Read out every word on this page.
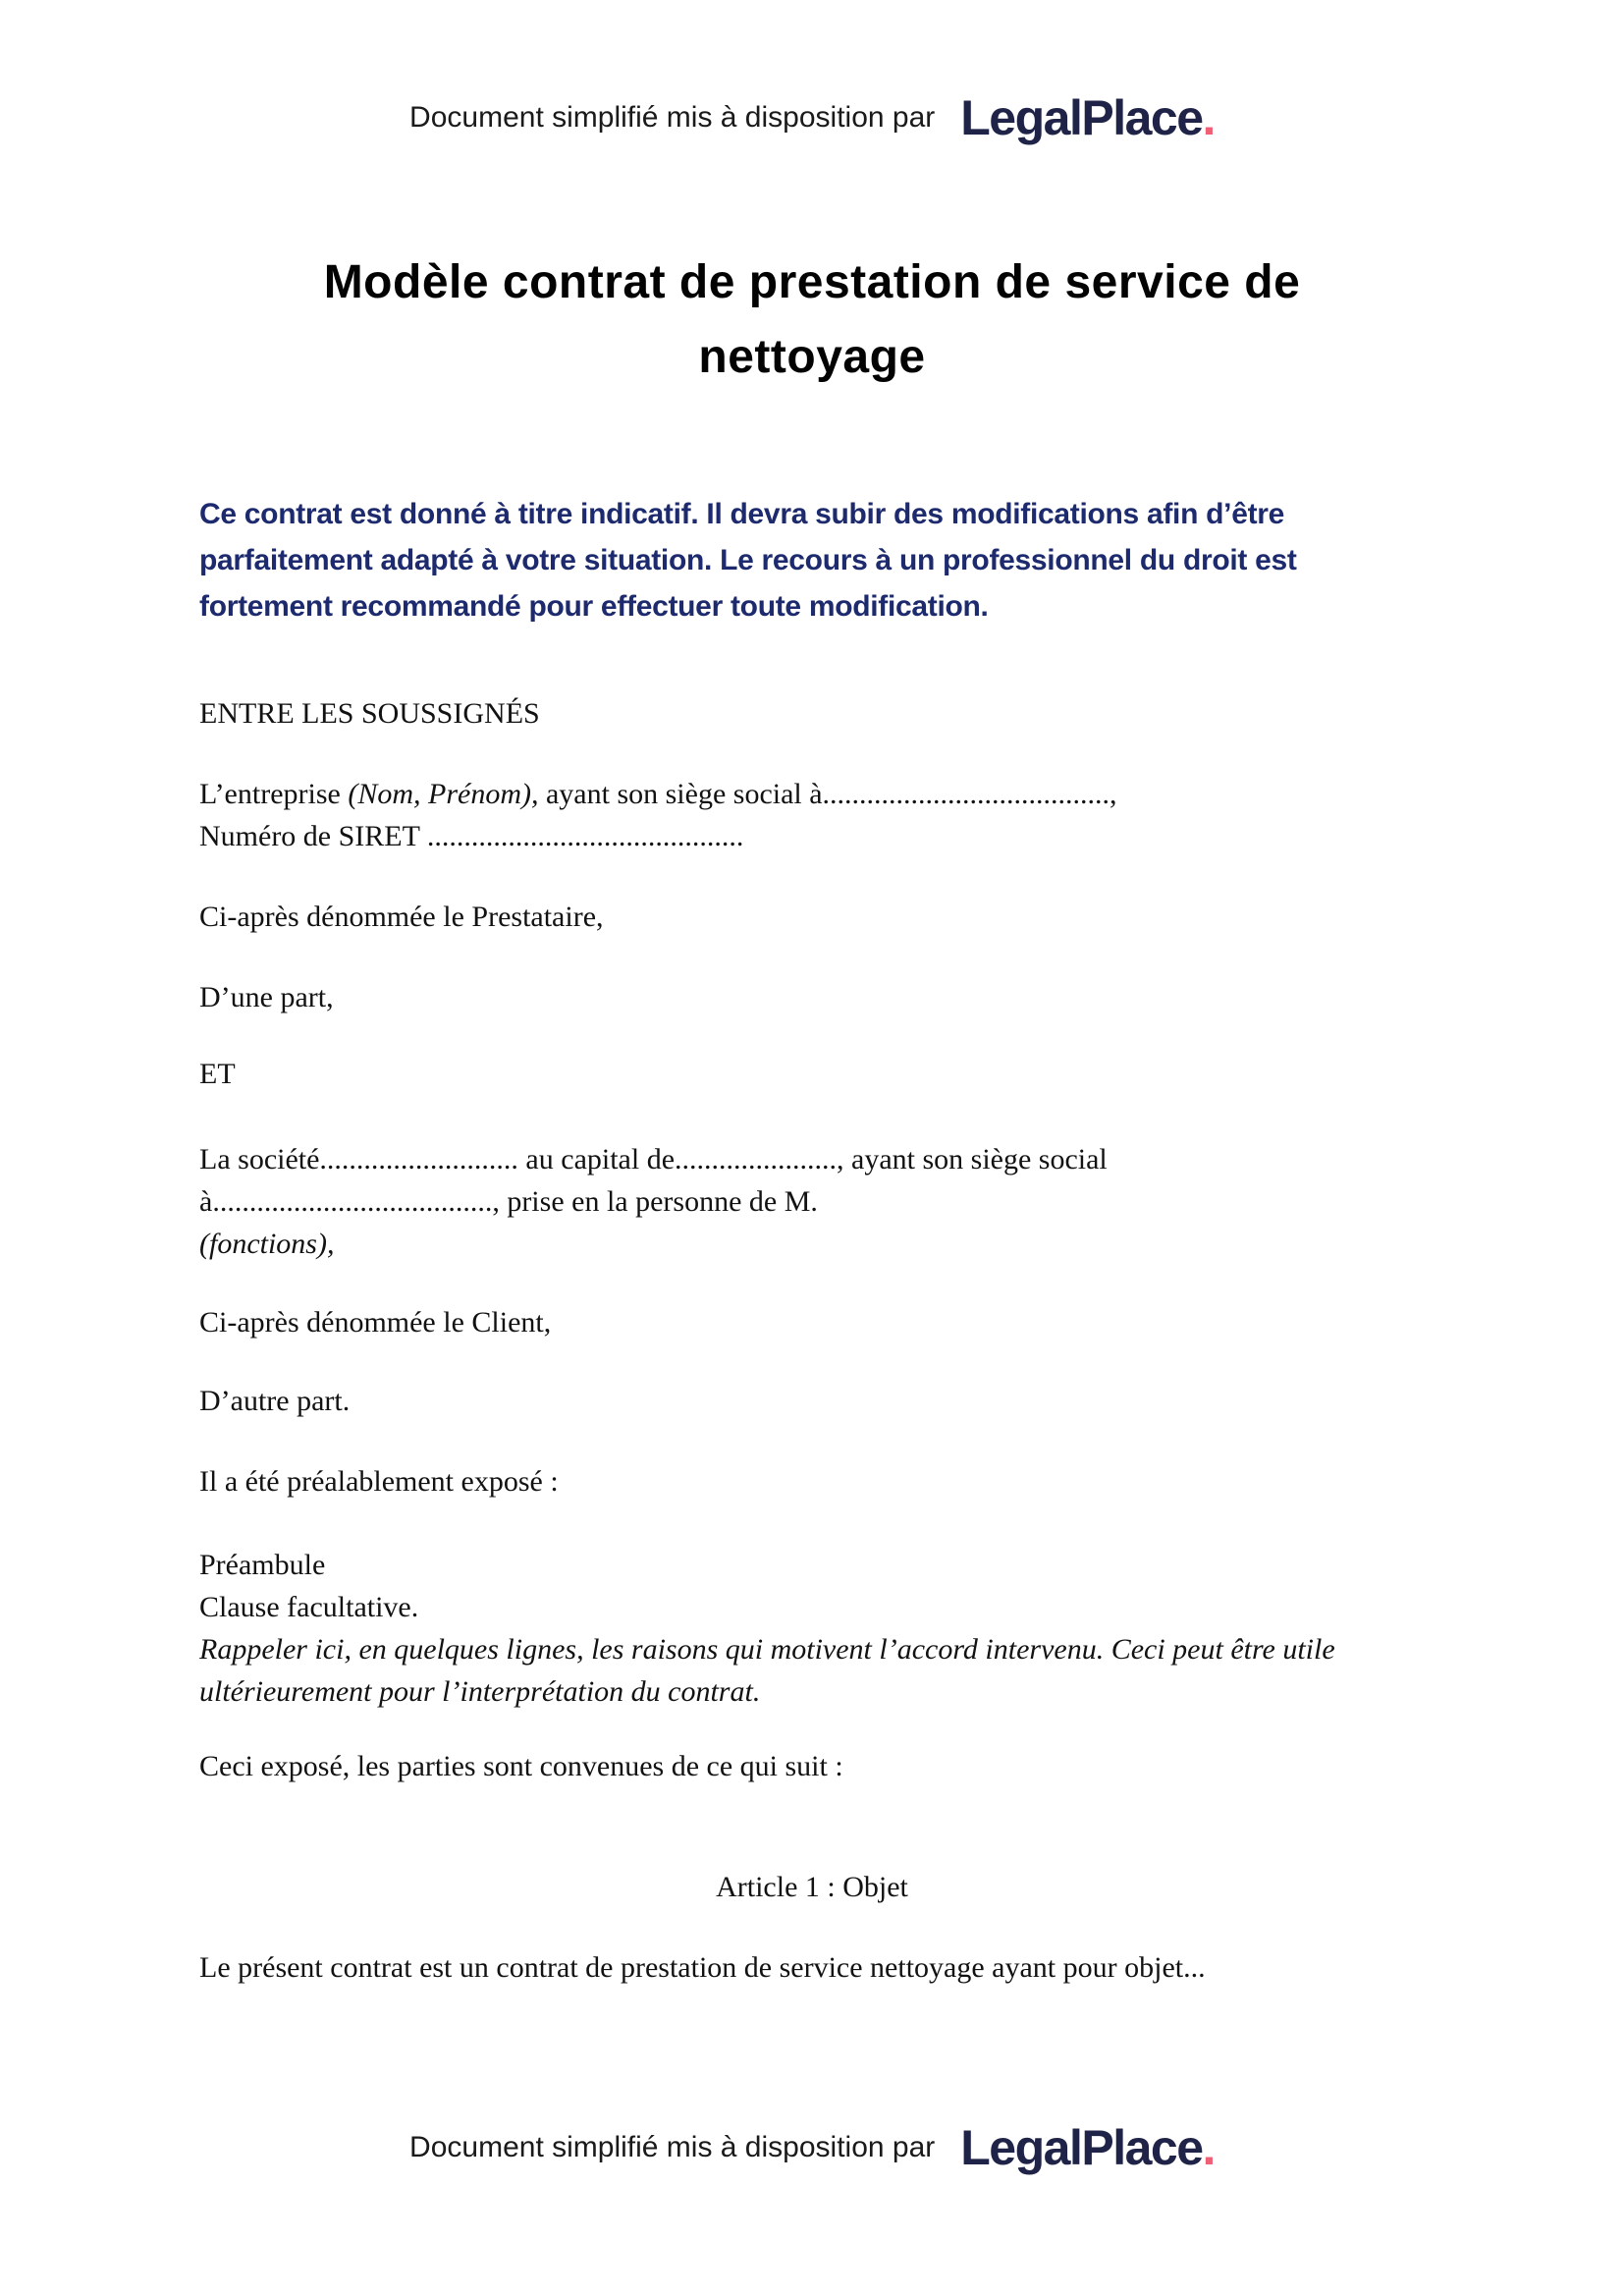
Document simplifié mis à disposition par LegalPlace.
Modèle contrat de prestation de service de
nettoyage
Ce contrat est donné à titre indicatif. Il devra subir des modifications afin d’être
parfaitement adapté à votre situation. Le recours à un professionnel du droit est
fortement recommandé pour effectuer toute modification.
ENTRE LES SOUSSIGNÉS
L’entreprise (Nom, Prénom), ayant son siège social à.......................................,
Numéro de SIRET ...........................................
Ci-après dénommée le Prestataire,
D’une part,
ET
La société........................... au capital de......................, ayant son siège social
à......................................, prise en la personne de M.
(fonctions),
Ci-après dénommée le Client,
D’autre part.
Il a été préalablement exposé :
Préambule
Clause facultative.
Rappeler ici, en quelques lignes, les raisons qui motivent l’accord intervenu. Ceci peut être utile
ultérieurement pour l’interprétation du contrat.
Ceci exposé, les parties sont convenues de ce qui suit :
Article 1 : Objet
Le présent contrat est un contrat de prestation de service nettoyage ayant pour objet...
Document simplifié mis à disposition par LegalPlace.
